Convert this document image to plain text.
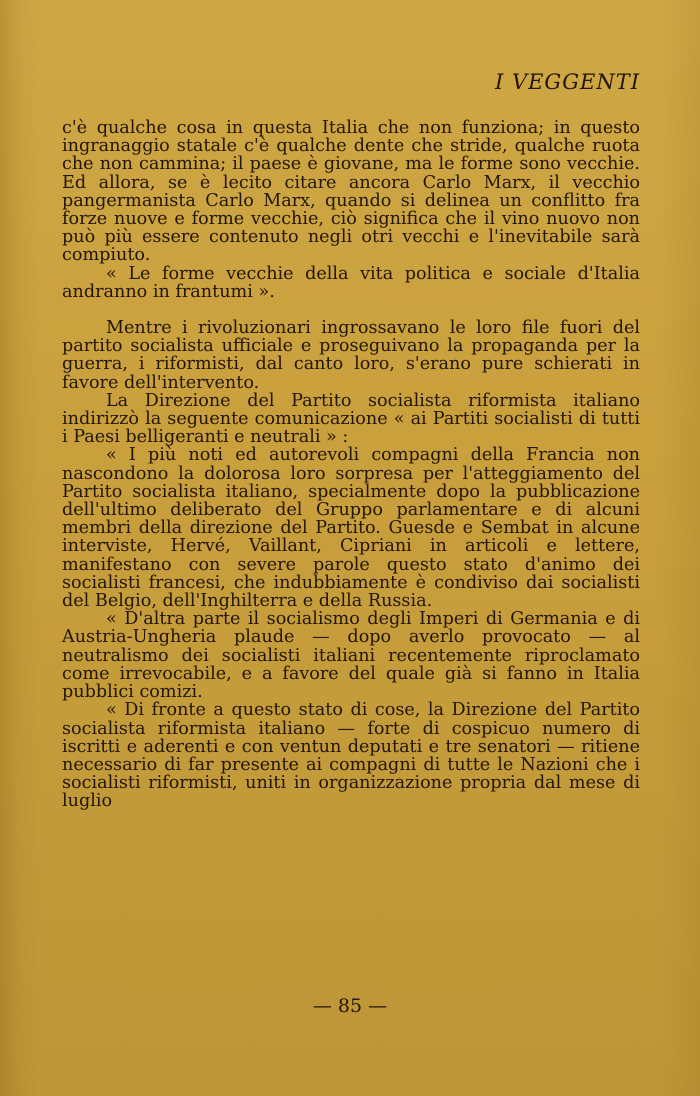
I VEGGENTI

c'è qualche cosa in questa Italia che non funziona; in questo ingranaggio statale c'è qualche dente che stride, qualche ruota che non cammina; il paese è giovane, ma le forme sono vecchie. Ed allora, se è lecito citare ancora Carlo Marx, il vecchio pangermanista Carlo Marx, quando si delinea un conflitto fra forze nuove e forme vecchie, ciò significa che il vino nuovo non può più essere contenuto negli otri vecchi e l'inevitabile sarà compiuto.

« Le forme vecchie della vita politica e sociale d'Italia andranno in frantumi ».

Mentre i rivoluzionari ingrossavano le loro file fuori del partito socialista ufficiale e proseguivano la propaganda per la guerra, i riformisti, dal canto loro, s'erano pure schierati in favore dell'intervento.

La Direzione del Partito socialista riformista italiano indirizzò la seguente comunicazione « ai Partiti socialisti di tutti i Paesi belligeranti e neutrali » :

« I più noti ed autorevoli compagni della Francia non nascondono la dolorosa loro sorpresa per l'atteggiamento del Partito socialista italiano, specialmente dopo la pubblicazione dell'ultimo deliberato del Gruppo parlamentare e di alcuni membri della direzione del Partito. Guesde e Sembat in alcune interviste, Hervé, Vaillant, Cipriani in articoli e lettere, manifestano con severe parole questo stato d'animo dei socialisti francesi, che indubbiamente è condiviso dai socialisti del Belgio, dell'Inghilterra e della Russia.

« D'altra parte il socialismo degli Imperi di Germania e di Austria-Ungheria plaude — dopo averlo provocato — al neutralismo dei socialisti italiani recentemente riproclamato come irrevocabile, e a favore del quale già si fanno in Italia pubblici comizi.

« Di fronte a questo stato di cose, la Direzione del Partito socialista riformista italiano — forte di cospicuo numero di iscritti e aderenti e con ventun deputati e tre senatori — ritiene necessario di far presente ai compagni di tutte le Nazioni che i socialisti riformisti, uniti in organizzazione propria dal mese di luglio

— 85 —
